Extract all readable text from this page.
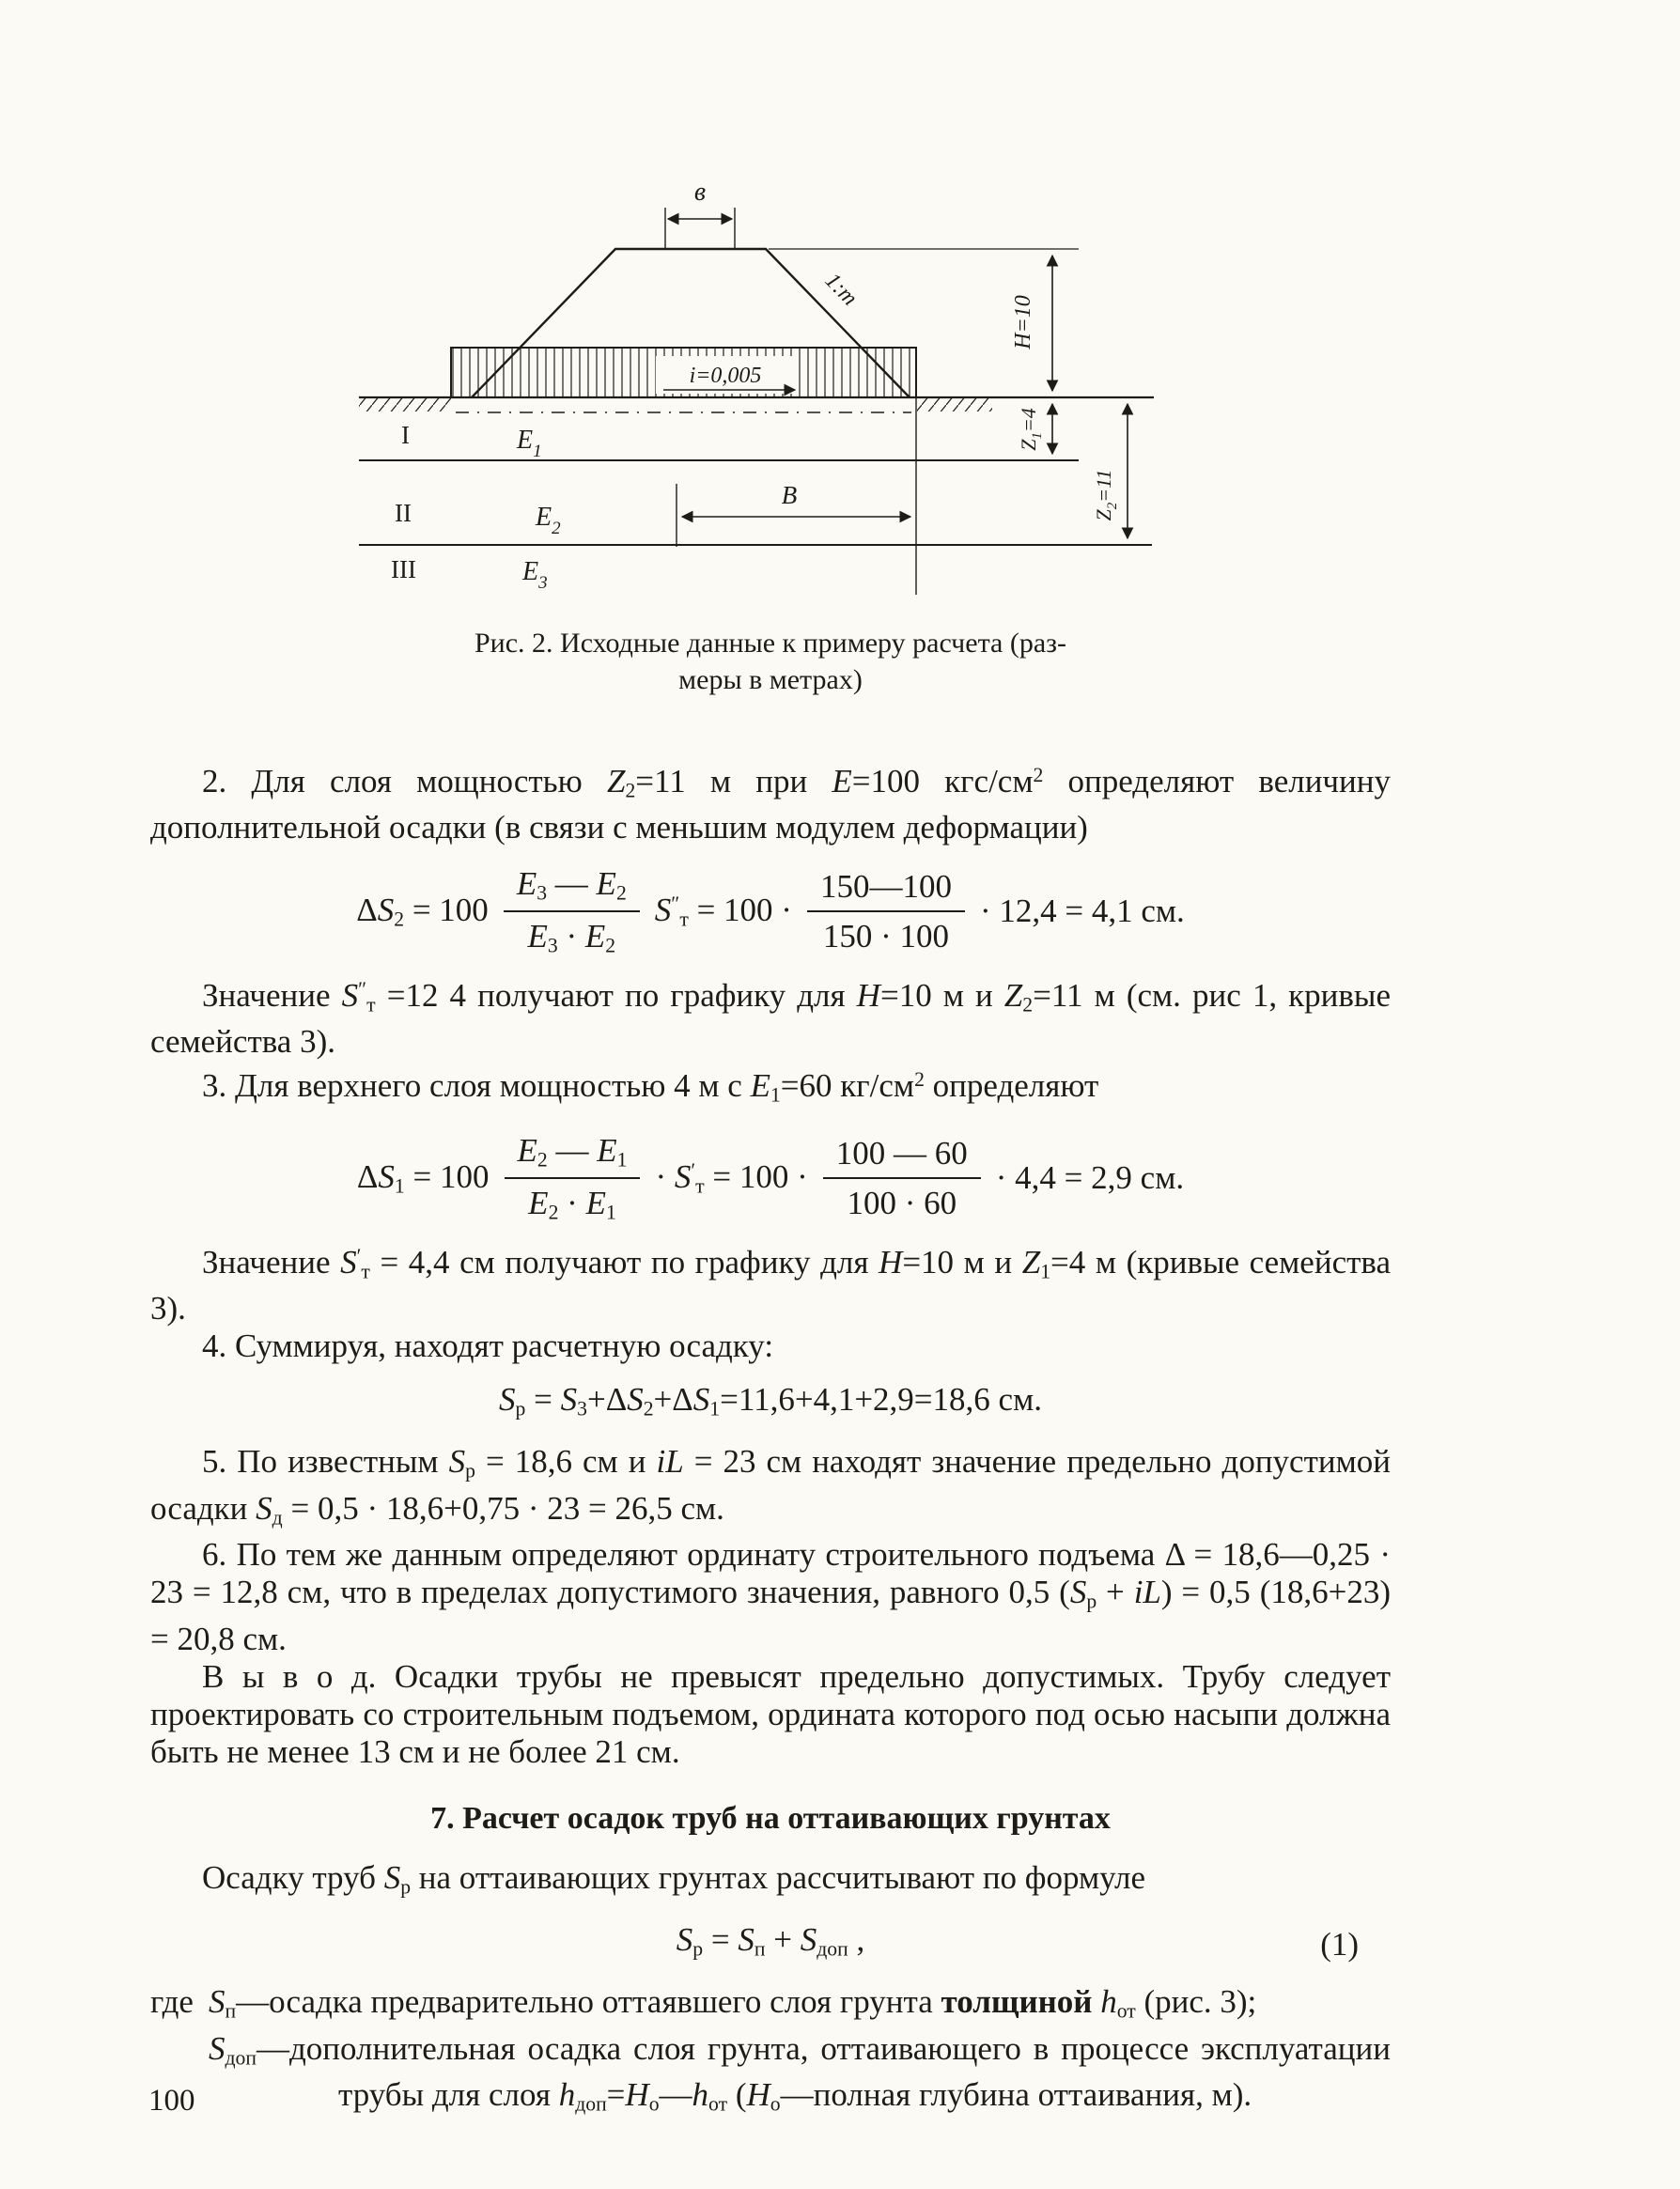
в
1:m
i=0,005
H=10
$Z_1=4$
$Z_2=11$
В
I
II
III
$E_1$
$E_2$
$E_3$
Рис. 2. Исходные данные к примеру расчета (раз-
меры в метрах)

2. Для слоя мощностью $Z_2=11$ м при Е=100 кгс/$см^2$ определяют величину дополнительной осадки (в связи с меньшим модулем деформации)

$\Delta S_2 = 100 \frac{E_3 — E_2}{E_3 \cdot E_2} S''_т = 100 \cdot \frac{150—100}{150 \cdot 100} \cdot 12,4 = 4,1$ см.

Значение $S''_т =12$ 4 получают по графику для H=10 м и $Z_2=11$ м (см. рис 1, кривые семейства 3).

3. Для верхнего слоя мощностью 4 м с $Е_1=60$ $кг/см^2$ определяют

$\Delta S_1 = 100 \frac{E_2 — E_1}{E_2 \cdot E_1} \cdot S'_т = 100 \cdot \frac{100 — 60}{100 \cdot 60} \cdot 4,4 = 2,9$ см.

Значение $S'_т = 4,4$ см получают по графику для H=10 м и $Z_1=4$ м (кривые семейства 3).

4. Суммируя, находят расчетную осадку:

$S_р = S_3+\Delta S_2+\Delta S_1=11,6+4,1+2,9=18,6$ см.

5. По известным $S_р = 18,6$ см и iL = 23 см находят значение предельно допустимой осадки $S_д = 0,5 \cdot 18,6+0,75 \cdot 23 = 26,5$ см.

6. По тем же данным определяют ординату строительного подъема Δ = 18,6—0,25 · 23 = 12,8 см, что в пределах допустимого значения, равного 0,5 $(S_р + iL) = 0,5$ (18,6+23) = 20,8 см.

В ы в о д. Осадки трубы не превысят предельно допустимых. Трубу следует проектировать со строительным подъемом, ордината которого под осью насыпи должна быть не менее 13 см и не более 21 см.

7. Расчет осадок труб на оттаивающих грунтах

Осадку труб $S_р$ на оттаивающих грунтах рассчитывают по формуле

$S_р = S_п + S_{доп}$ ,	(1)
где $S_п—осадка$ предварительно оттаявшего слоя грунта толщиной $h_{от}$ (рис. 3);
$S_{доп}—дополнительная$ осадка слоя грунта, оттаивающего в процессе эксплуатации трубы для слоя $h_{доп}=H_о—h_{от}$ ($H_о—полная$ глубина оттаивания, м).
100
